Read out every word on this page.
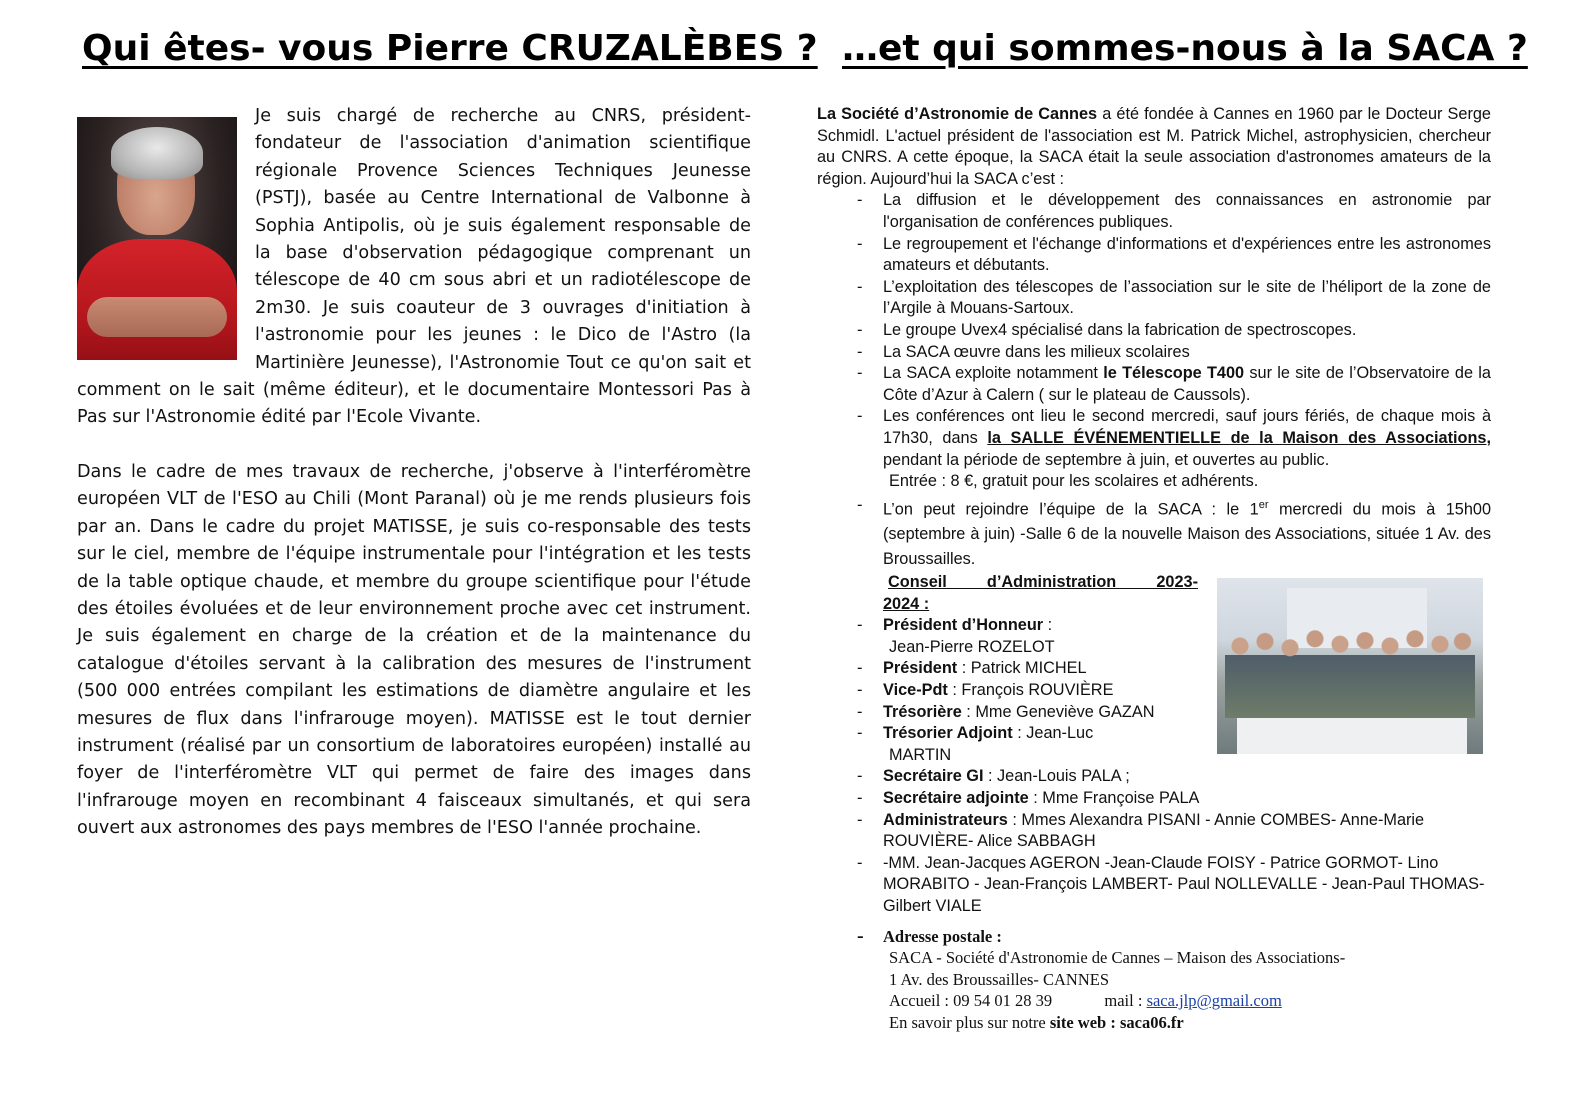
Qui êtes- vous Pierre CRUZALÈBES ? …et qui sommes-nous à la SACA ?

Je suis chargé de recherche au CNRS, président-fondateur de l'association d'animation scientifique régionale Provence Sciences Techniques Jeunesse (PSTJ), basée au Centre International de Valbonne à Sophia Antipolis, où je suis également responsable de la base d'observation pédagogique comprenant un télescope de 40 cm sous abri et un radiotélescope de 2m30. Je suis coauteur de 3 ouvrages d'initiation à l'astronomie pour les jeunes : le Dico de l'Astro (la Martinière Jeunesse), l'Astronomie Tout ce qu'on sait et comment on le sait (même éditeur), et le documentaire Montessori Pas à Pas sur l'Astronomie édité par l'Ecole Vivante.

Dans le cadre de mes travaux de recherche, j'observe à l'interféromètre européen VLT de l'ESO au Chili (Mont Paranal) où je me rends plusieurs fois par an. Dans le cadre du projet MATISSE, je suis co-responsable des tests sur le ciel, membre de l'équipe instrumentale pour l'intégration et les tests de la table optique chaude, et membre du groupe scientifique pour l'étude des étoiles évoluées et de leur environnement proche avec cet instrument. Je suis également en charge de la création et de la maintenance du catalogue d'étoiles servant à la calibration des mesures de l'instrument (500 000 entrées compilant les estimations de diamètre angulaire et les mesures de flux dans l'infrarouge moyen). MATISSE est le tout dernier instrument (réalisé par un consortium de laboratoires européen) installé au foyer de l'interféromètre VLT qui permet de faire des images dans l'infrarouge moyen en recombinant 4 faisceaux simultanés, et qui sera ouvert aux astronomes des pays membres de l'ESO l'année prochaine.

La Société d’Astronomie de Cannes a été fondée à Cannes en 1960 par le Docteur Serge Schmidl. L'actuel président de l'association est M. Patrick Michel, astrophysicien, chercheur au CNRS. A cette époque, la SACA était la seule association d'astronomes amateurs de la région. Aujourd’hui la SACA c’est :

- La diffusion et le développement des connaissances en astronomie par l'organisation de conférences publiques.
- Le regroupement et l'échange d'informations et d'expériences entre les astronomes amateurs et débutants.
- L’exploitation des télescopes de l’association sur le site de l’héliport de la zone de l’Argile à Mouans-Sartoux.
- Le groupe Uvex4 spécialisé dans la fabrication de spectroscopes.
- La SACA œuvre dans les milieux scolaires
- La SACA exploite notamment le Télescope T400 sur le site de l’Observatoire de la Côte d’Azur à Calern ( sur le plateau de Caussols).
- Les conférences ont lieu le second mercredi, sauf jours fériés, de chaque mois à 17h30, dans la SALLE ÉVÉNEMENTIELLE de la Maison des Associations, pendant la période de septembre à juin, et ouvertes au public.
Entrée : 8 €, gratuit pour les scolaires et adhérents.
- L’on peut rejoindre l’équipe de la SACA : le 1er mercredi du mois à 15h00 (septembre à juin) -Salle 6 de la nouvelle Maison des Associations, située 1 Av. des Broussailles.

Conseil d’Administration 2023-

2024 :

- Président d’Honneur :
Jean-Pierre ROZELOT
- Président : Patrick MICHEL
- Vice-Pdt : François ROUVIÈRE
- Trésorière : Mme Geneviève GAZAN
- Trésorier Adjoint : Jean-Luc
MARTIN
- Secrétaire GI : Jean-Louis PALA ;
- Secrétaire adjointe : Mme Françoise PALA
- Administrateurs : Mmes Alexandra PISANI - Annie COMBES- Anne-Marie ROUVIÈRE- Alice SABBAGH
- -MM. Jean-Jacques AGERON -Jean-Claude FOISY - Patrice GORMOT- Lino MORABITO - Jean-François LAMBERT- Paul NOLLEVALLE - Jean-Paul THOMAS- Gilbert VIALE
-	Adresse postale :
SACA - Société d'Astronomie de Cannes – Maison des Associations-
1 Av. des Broussailles- CANNES
Accueil : 09 54 01 28 39	mail : saca.jlp@gmail.com
En savoir plus sur notre site web : saca06.fr
